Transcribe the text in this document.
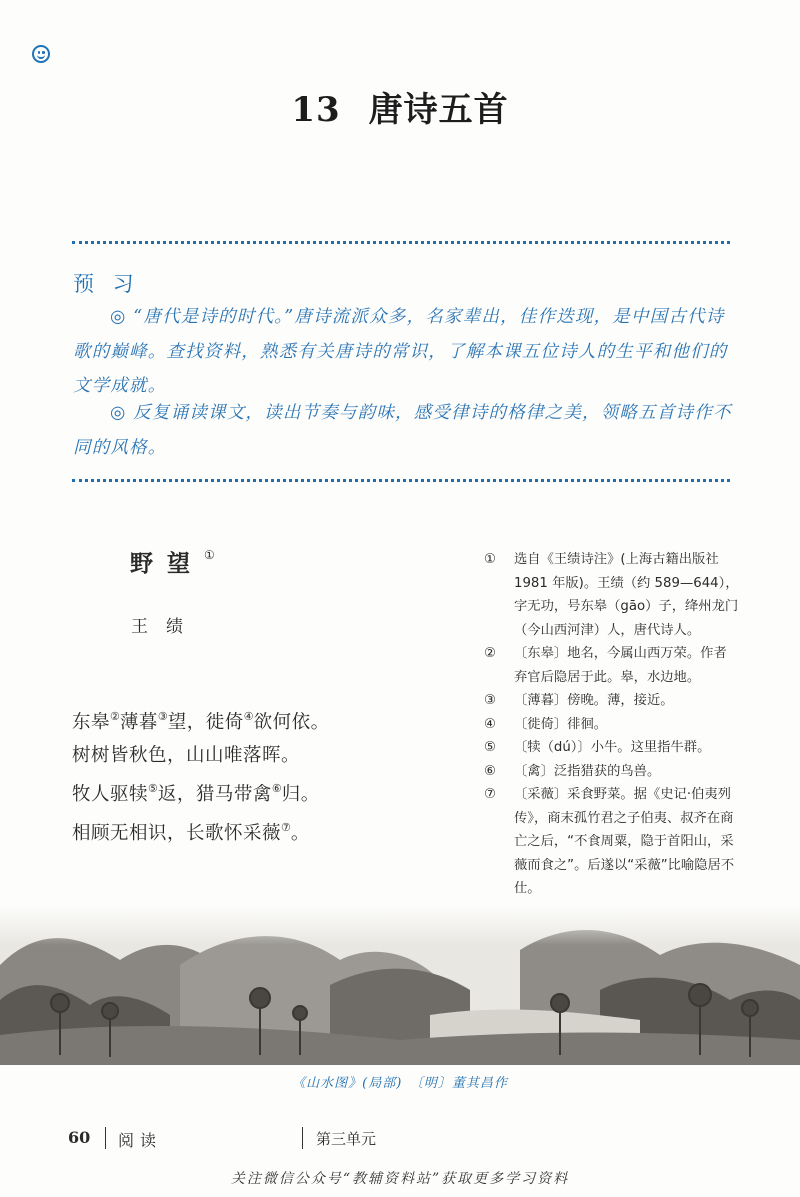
13 唐诗五首
预 习
◎ “唐代是诗的时代。”唐诗流派众多，名家辈出，佳作迭现，是中国古代诗歌的巅峰。查找资料，熟悉有关唐诗的常识，了解本课五位诗人的生平和他们的文学成就。
◎ 反复诵读课文，读出节奏与韵味，感受律诗的格律之美，领略五首诗作不同的风格。
野望①
王绩
东皋②薄暮③望，徙倚④欲何依。
树树皆秋色，山山唯落晖。
牧人驱犊⑤返，猎马带禽⑥归。
相顾无相识，长歌怀采薇⑦。
① 选自《王绩诗注》(上海古籍出版社 1981 年版)。王绩（约 589—644），字无功，号东皋（gāo）子，绛州龙门（今山西河津）人，唐代诗人。
② 〔东皋〕地名，今属山西万荣。作者弃官后隐居于此。皋，水边地。
③ 〔薄暮〕傍晚。薄，接近。
④ 〔徙倚〕徘徊。
⑤ 〔犊（dú）〕小牛。这里指牛群。
⑥ 〔禽〕泛指猎获的鸟兽。
⑦ 〔采薇〕采食野菜。据《史记·伯夷列传》，商末孤竹君之子伯夷、叔齐在商亡之后，“不食周粟，隐于首阳山，采薇而食之”。后遂以“采薇”比喻隐居不仕。
《山水图》(局部)　〔明〕董其昌作
60 阅读	第三单元
关注微信公众号“教辅资料站”获取更多学习资料
